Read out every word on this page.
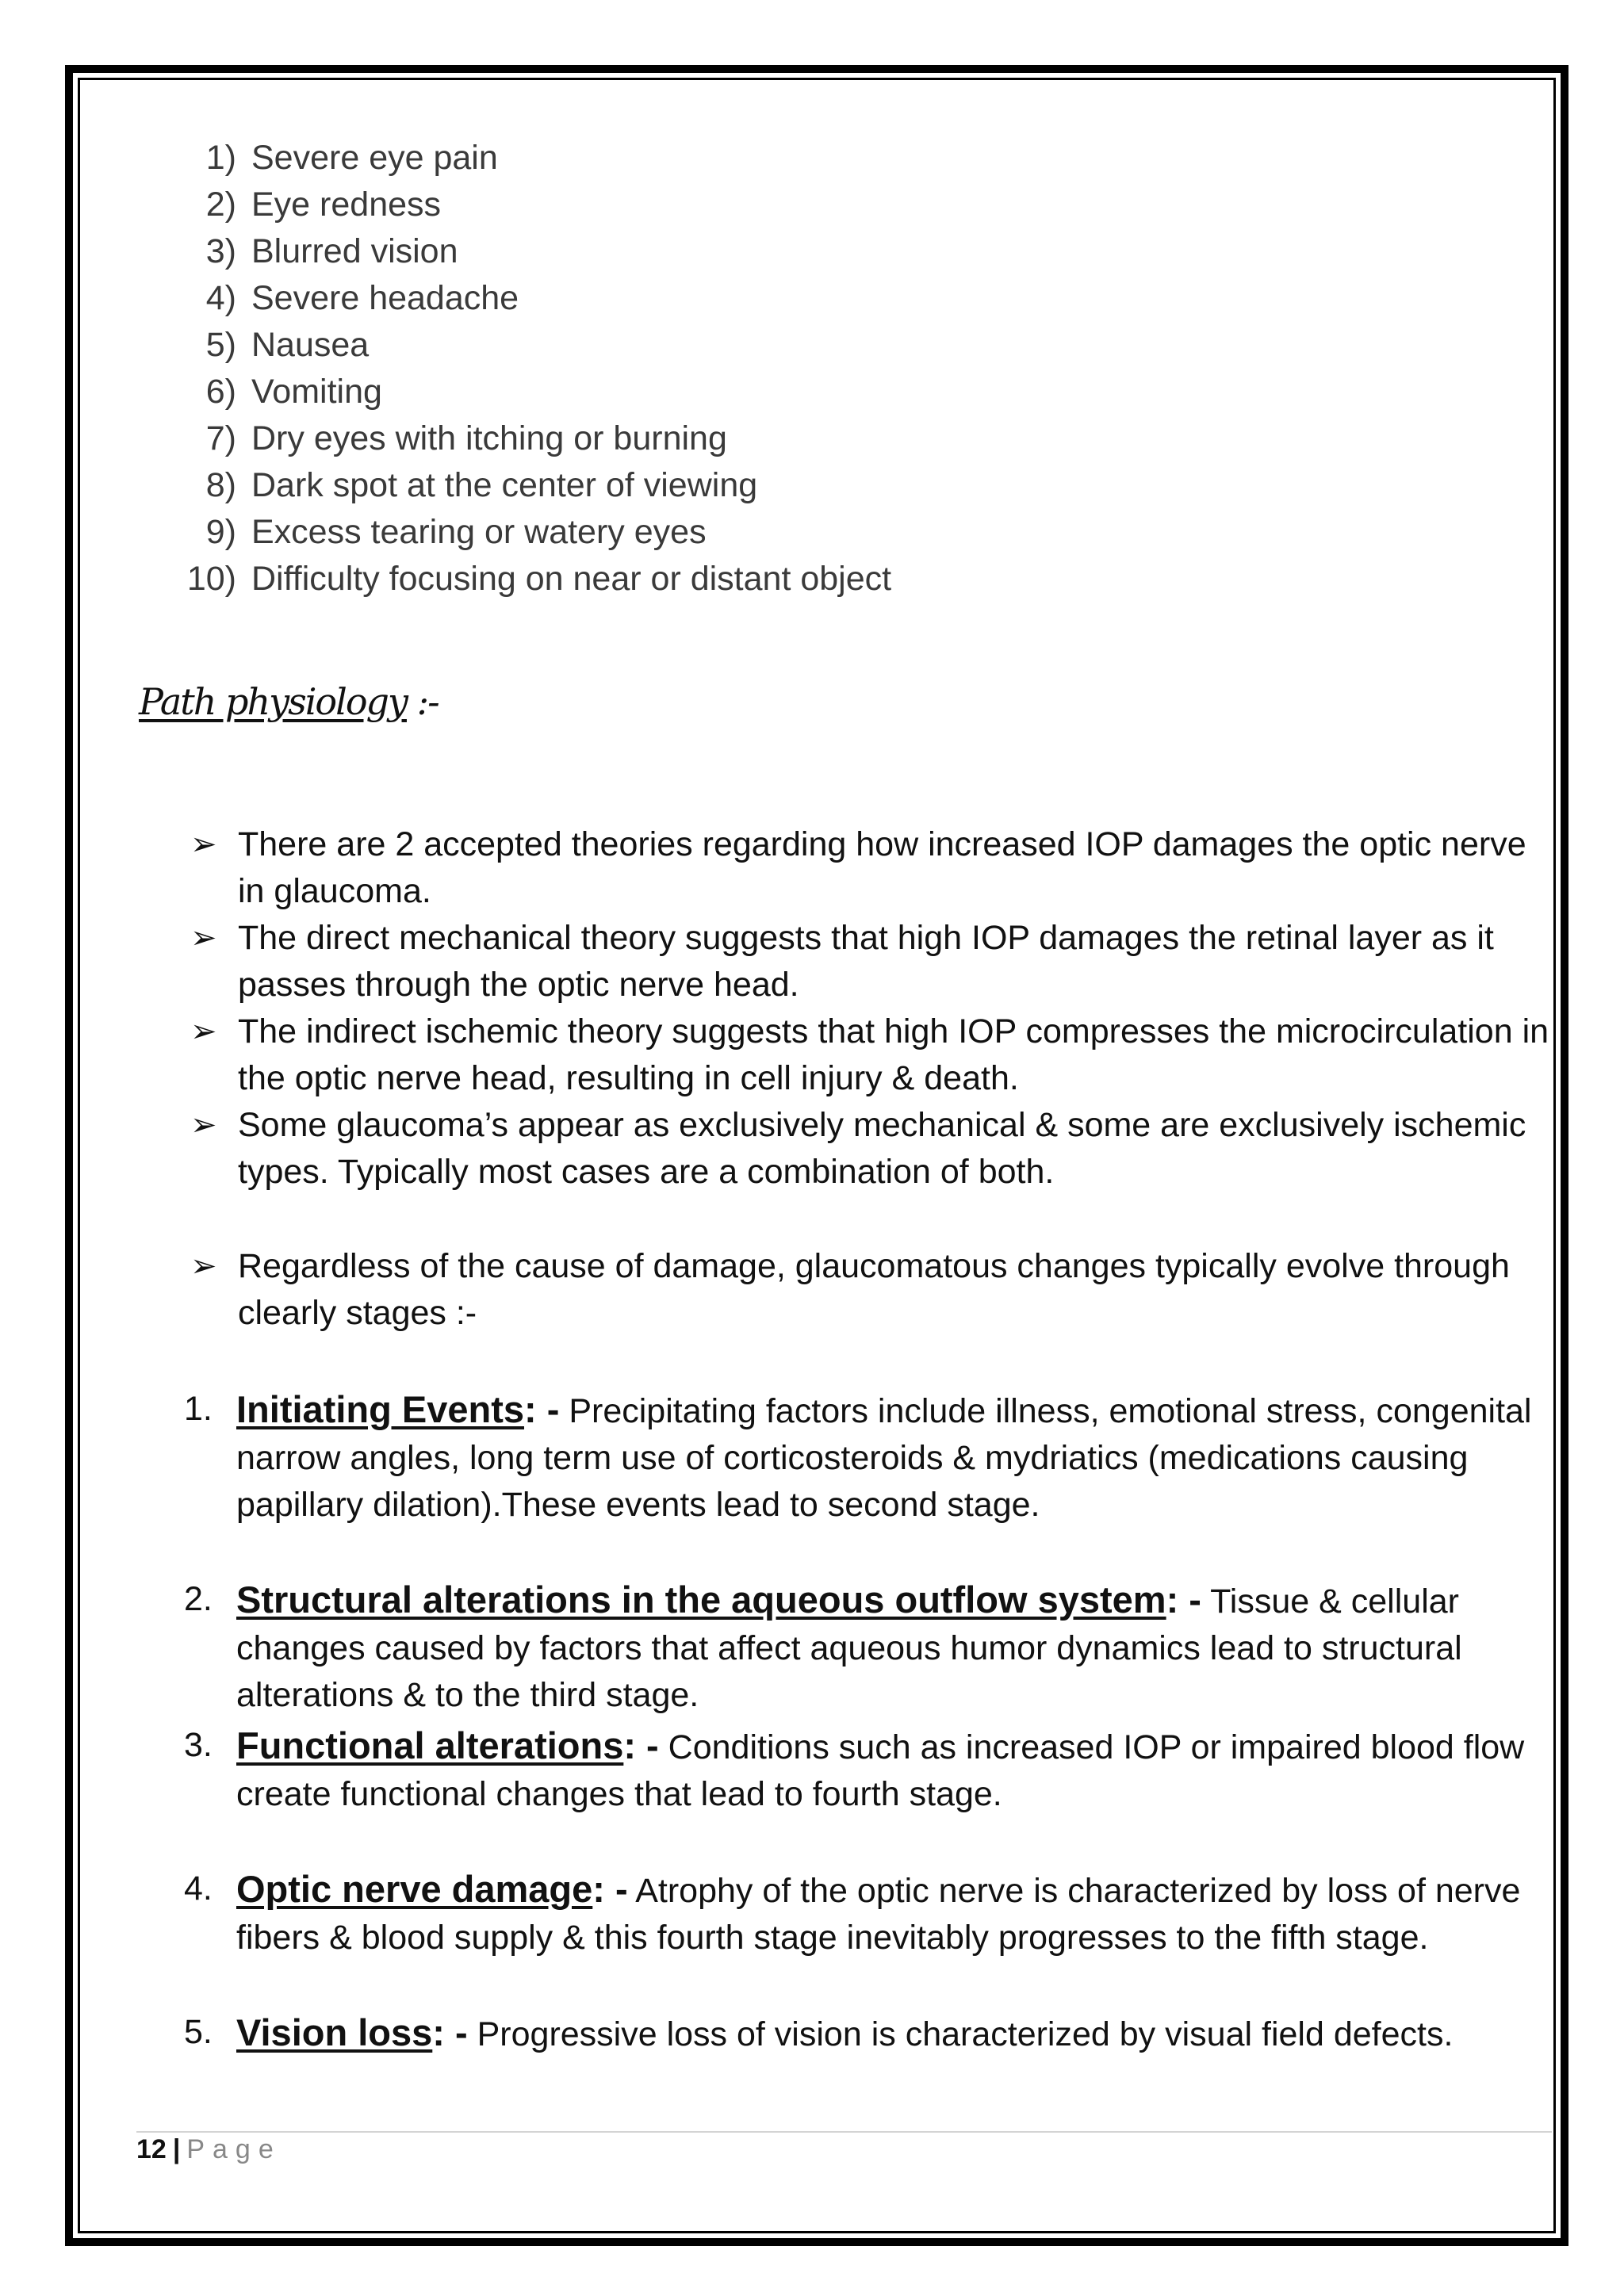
1) Severe eye pain
2) Eye redness
3) Blurred vision
4) Severe headache
5) Nausea
6) Vomiting
7) Dry eyes with itching or burning
8) Dark spot at the center of viewing
9) Excess tearing or watery eyes
10) Difficulty focusing on near or distant object
Path physiology :-
➢ There are 2 accepted theories regarding how increased IOP damages the optic nerve in glaucoma.
➢ The direct mechanical theory suggests that high IOP damages the retinal layer as it passes through the optic nerve head.
➢ The indirect ischemic theory suggests that high IOP compresses the microcirculation in the optic nerve head, resulting in cell injury & death.
➢ Some glaucoma’s appear as exclusively mechanical & some are exclusively ischemic types. Typically most cases are a combination of both.
➢ Regardless of the cause of damage, glaucomatous changes typically evolve through clearly stages :-
1. Initiating Events: - Precipitating factors include illness, emotional stress, congenital narrow angles, long term use of corticosteroids & mydriatics (medications causing papillary dilation).These events lead to second stage.
2. Structural alterations in the aqueous outflow system: - Tissue & cellular changes caused by factors that affect aqueous humor dynamics lead to structural alterations & to the third stage.
3. Functional alterations: - Conditions such as increased IOP or impaired blood flow create functional changes that lead to fourth stage.
4. Optic nerve damage: - Atrophy of the optic nerve is characterized by loss of nerve fibers & blood supply & this fourth stage inevitably progresses to the fifth stage.
5. Vision loss: - Progressive loss of vision is characterized by visual field defects.
12 | Page
